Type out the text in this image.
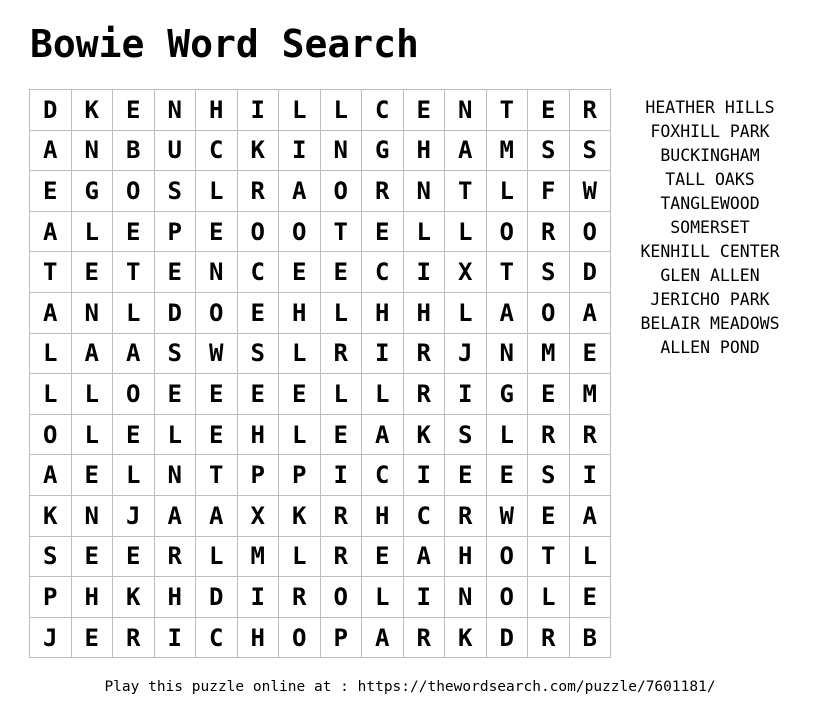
Bowie Word Search
D	K	E	N	H	I	L	L	C	E	N	T	E	R
A	N	B	U	C	K	I	N	G	H	A	M	S	S
E	G	O	S	L	R	A	O	R	N	T	L	F	W
A	L	E	P	E	O	O	T	E	L	L	O	R	O
T	E	T	E	N	C	E	E	C	I	X	T	S	D
A	N	L	D	O	E	H	L	H	H	L	A	O	A
L	A	A	S	W	S	L	R	I	R	J	N	M	E
L	L	O	E	E	E	E	L	L	R	I	G	E	M
O	L	E	L	E	H	L	E	A	K	S	L	R	R
A	E	L	N	T	P	P	I	C	I	E	E	S	I
K	N	J	A	A	X	K	R	H	C	R	W	E	A
S	E	E	R	L	M	L	R	E	A	H	O	T	L
P	H	K	H	D	I	R	O	L	I	N	O	L	E
J	E	R	I	C	H	O	P	A	R	K	D	R	B
HEATHER HILLS
FOXHILL PARK
BUCKINGHAM
TALL OAKS
TANGLEWOOD
SOMERSET
KENHILL CENTER
GLEN ALLEN
JERICHO PARK
BELAIR MEADOWS
ALLEN POND
Play this puzzle online at : https://thewordsearch.com/puzzle/7601181/
